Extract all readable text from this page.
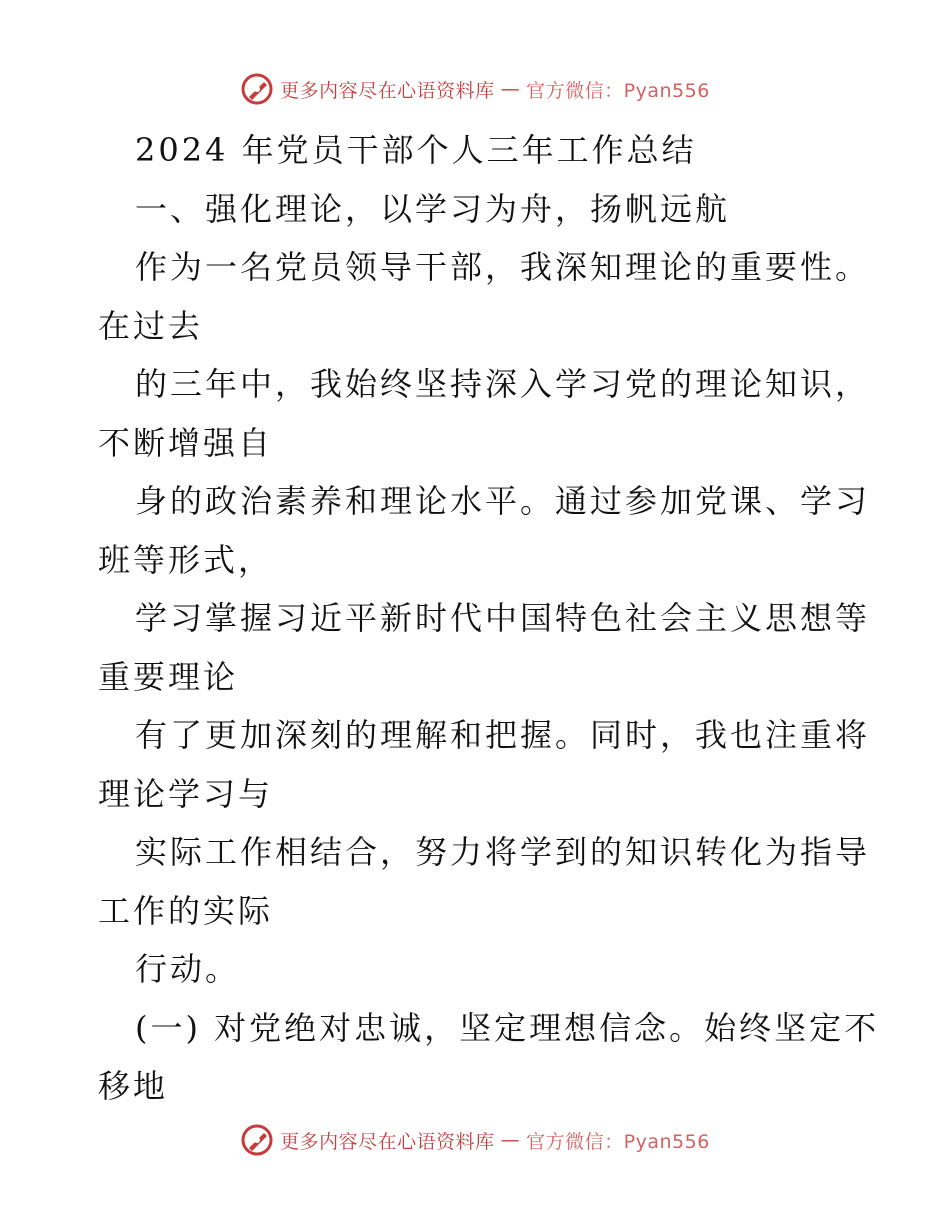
更多内容尽在心语资料库 — 官方微信：Pyan556
2024 年党员干部个人三年工作总结
一、强化理论，以学习为舟，扬帆远航
作为一名党员领导干部，我深知理论的重要性。
在过去
的三年中，我始终坚持深入学习党的理论知识，
不断增强自
身的政治素养和理论水平。通过参加党课、学习
班等形式，
学习掌握习近平新时代中国特色社会主义思想等
重要理论
有了更加深刻的理解和把握。同时，我也注重将
理论学习与
实际工作相结合，努力将学到的知识转化为指导
工作的实际
行动。
(一) 对党绝对忠诚，坚定理想信念。始终坚定不
移地
更多内容尽在心语资料库 — 官方微信：Pyan556
